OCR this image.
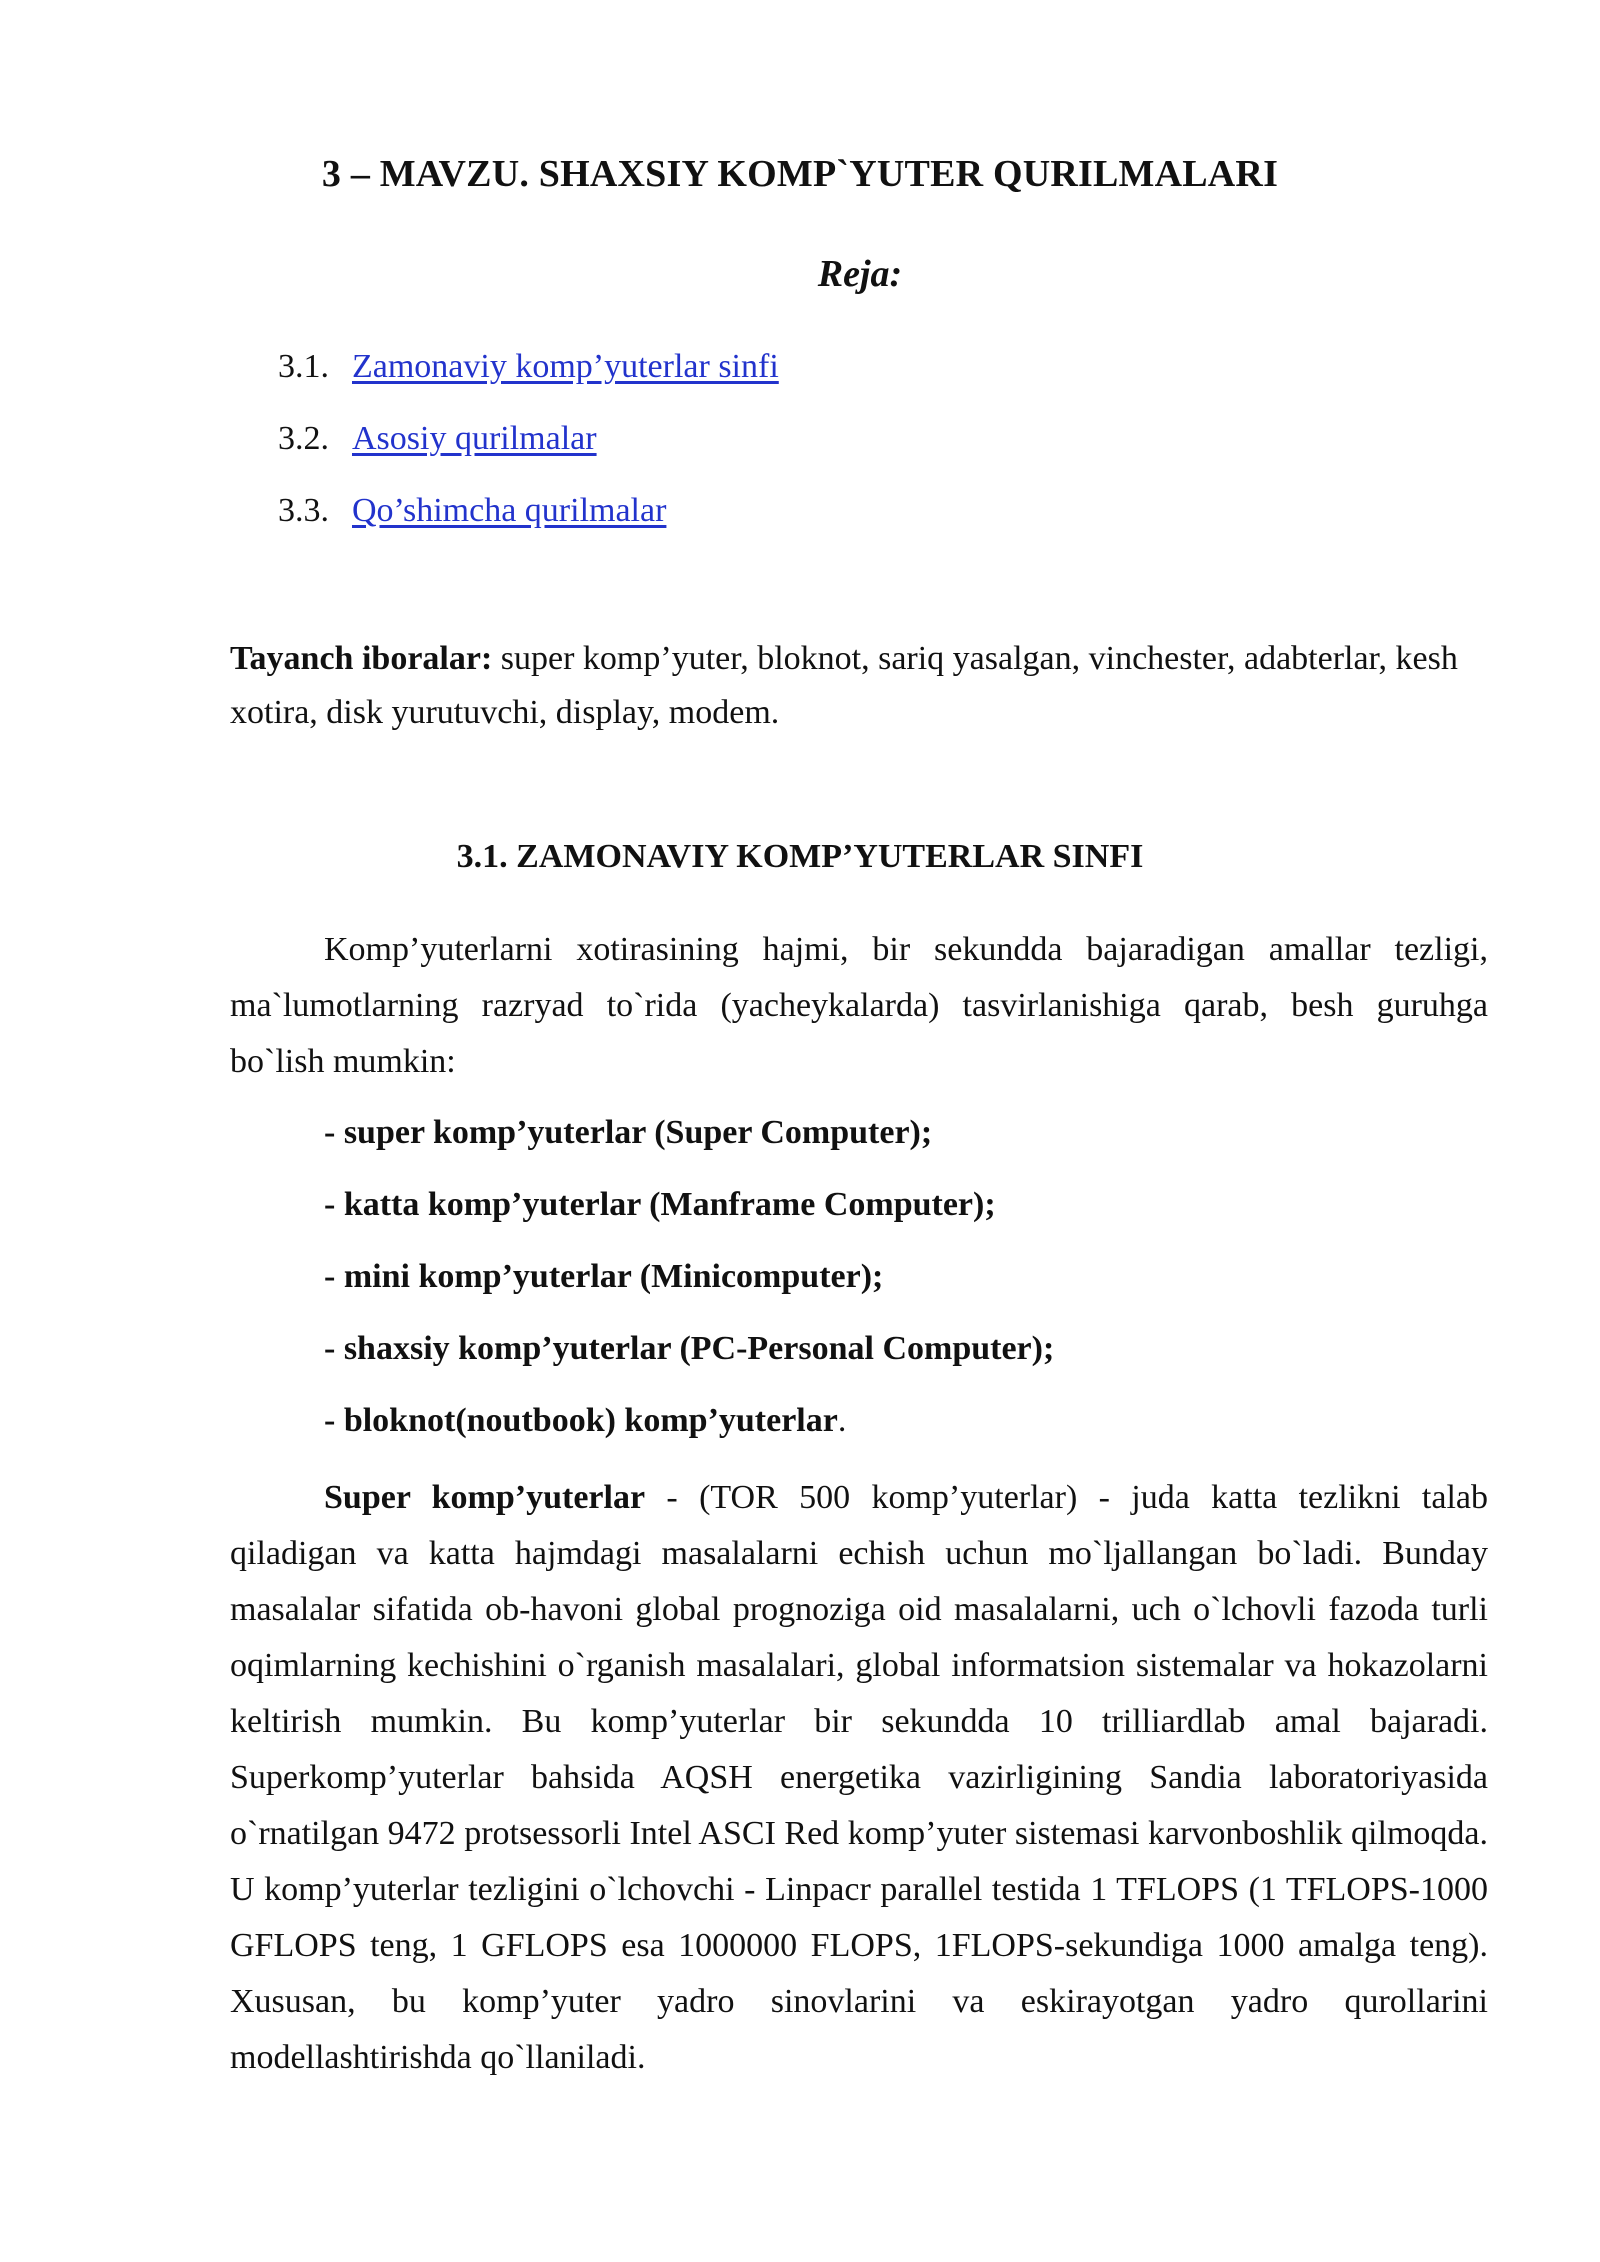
3 – MAVZU. SHAXSIY KOMP`YUTER QURILMALARI

Reja:

3.1. Zamonaviy komp’yuterlar sinfi
3.2. Asosiy qurilmalar
3.3. Qo’shimcha qurilmalar

Tayanch iboralar: super komp’yuter, bloknot, sariq yasalgan, vinchester, adabterlar, kesh xotira, disk yurutuvchi, display, modem.

3.1. ZAMONAVIY KOMP’YUTERLAR SINFI

Komp’yuterlarni xotirasining hajmi, bir sekundda bajaradigan amallar tezligi, ma`lumotlarning razryad to`rida (yacheykalarda) tasvirlanishiga qarab, besh guruhga bo`lish mumkin:

- super komp’yuterlar (Super Computer);
- katta komp’yuterlar (Manframe Computer);
- mini komp’yuterlar (Minicomputer);
- shaxsiy komp’yuterlar (PC-Personal Computer);
- bloknot(noutbook) komp’yuterlar.

Super komp’yuterlar - (TOR 500 komp’yuterlar) - juda katta tezlikni talab qiladigan va katta hajmdagi masalalarni echish uchun mo`ljallangan bo`ladi. Bunday masalalar sifatida ob-havoni global prognoziga oid masalalarni, uch o`lchovli fazoda turli oqimlarning kechishini o`rganish masalalari, global informatsion sistemalar va hokazolarni keltirish mumkin. Bu komp’yuterlar bir sekundda 10 trilliardlab amal bajaradi. Superkomp’yuterlar bahsida AQSH energetika vazirligining Sandia laboratoriyasida o`rnatilgan 9472 protsessorli Intel ASCI Red komp’yuter sistemasi karvonboshlik qilmoqda. U komp’yuterlar tezligini o`lchovchi - Linpacr parallel testida 1 TFLOPS (1 TFLOPS-1000 GFLOPS teng, 1 GFLOPS esa 1000000 FLOPS, 1FLOPS-sekundiga 1000 amalga teng). Xususan, bu komp’yuter yadro sinovlarini va eskirayotgan yadro qurollarini modellashtirishda qo`llaniladi.
